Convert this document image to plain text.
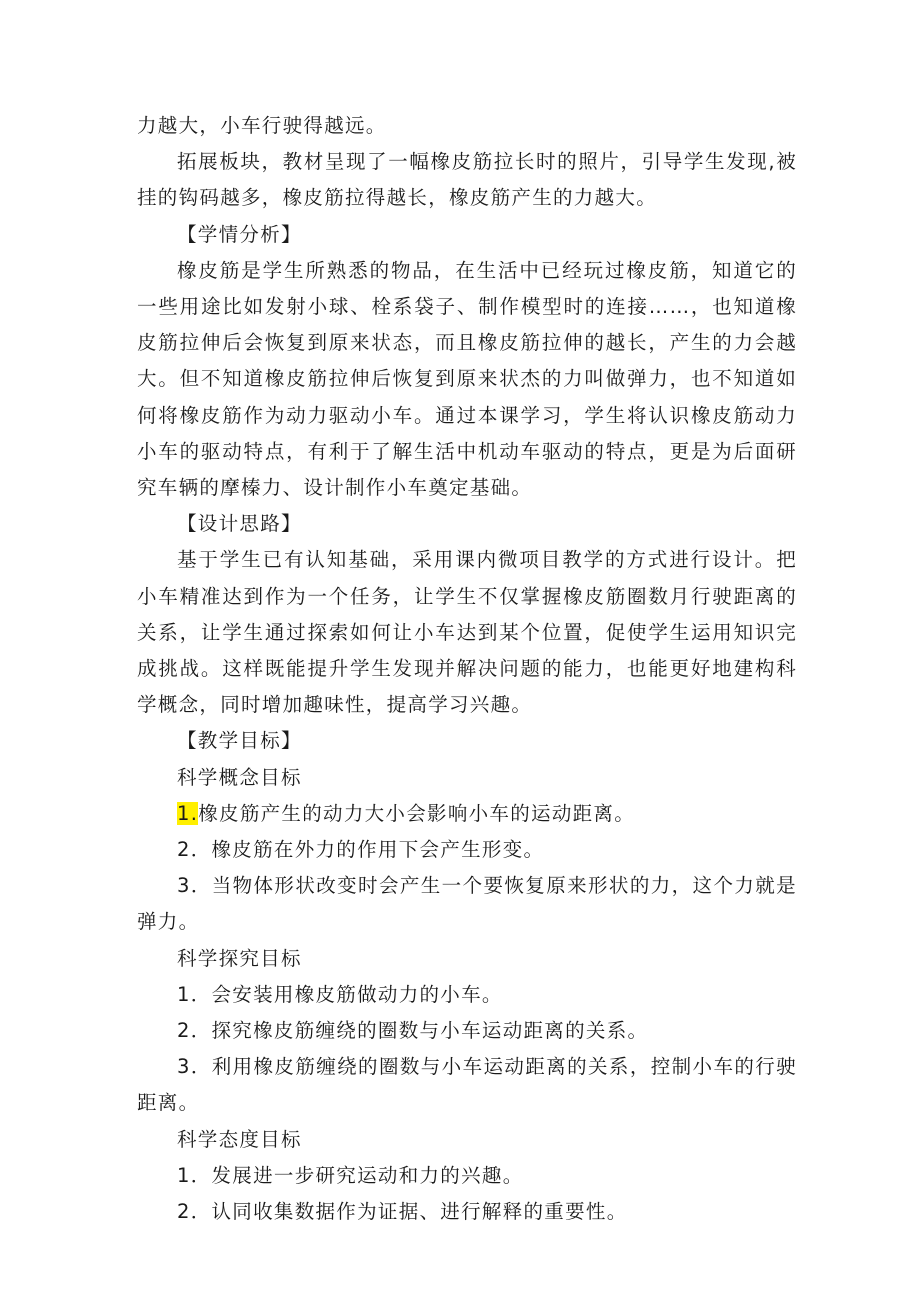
力越大，小车行驶得越远。

拓展板块，教材呈现了一幅橡皮筋拉长时的照片，引导学生发现,被挂的钩码越多，橡皮筋拉得越长，橡皮筋产生的力越大。

【学情分析】

橡皮筋是学生所熟悉的物品，在生活中已经玩过橡皮筋，知道它的一些用途比如发射小球、栓系袋子、制作模型时的连接……，也知道橡皮筋拉伸后会恢复到原来状态，而且橡皮筋拉伸的越长，产生的力会越大。但不知道橡皮筋拉伸后恢复到原来状杰的力叫做弹力，也不知道如何将橡皮筋作为动力驱动小车。通过本课学习，学生将认识橡皮筋动力小车的驱动特点，有利于了解生活中机动车驱动的特点，更是为后面研究车辆的摩榛力、设计制作小车奠定基础。

【设计思路】

基于学生已有认知基础，采用课内微项目教学的方式进行设计。把小车精准达到作为一个任务，让学生不仅掌握橡皮筋圈数月行驶距离的关系，让学生通过探索如何让小车达到某个位置，促使学生运用知识完成挑战。这样既能提升学生发现并解决问题的能力，也能更好地建构科学概念，同时增加趣味性，提高学习兴趣。

【教学目标】

科学概念目标

1.橡皮筋产生的动力大小会影响小车的运动距离。

2．橡皮筋在外力的作用下会产生形变。

3．当物体形状改变时会产生一个要恢复原来形状的力，这个力就是弹力。

科学探究目标

1．会安装用橡皮筋做动力的小车。

2．探究橡皮筋缠绕的圈数与小车运动距离的关系。

3．利用橡皮筋缠绕的圈数与小车运动距离的关系，控制小车的行驶距离。

科学态度目标

1．发展进一步研究运动和力的兴趣。

2．认同收集数据作为证据、进行解释的重要性。
